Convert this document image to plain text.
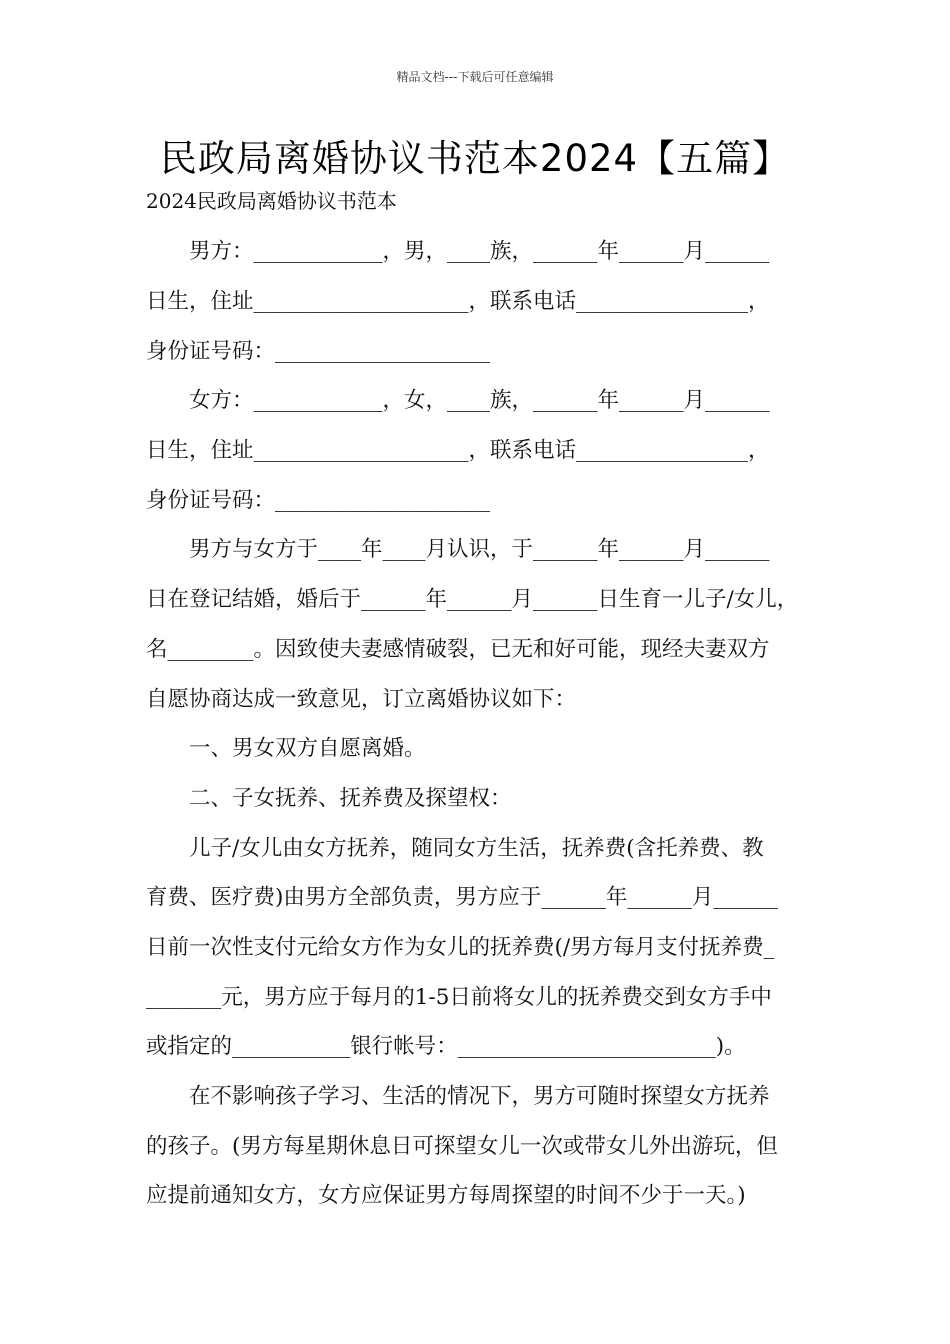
精品文档---下载后可任意编辑
民政局离婚协议书范本2024【五篇】
2024民政局离婚协议书范本
　　男方：____________，男，____族，______年______月______
日生，住址____________________，联系电话________________，
身份证号码：____________________
　　女方：____________，女，____族，______年______月______
日生，住址____________________，联系电话________________，
身份证号码：____________________
　　男方与女方于____年____月认识，于______年______月______
日在登记结婚，婚后于______年______月______日生育一儿子/女儿，
名________。因致使夫妻感情破裂，已无和好可能，现经夫妻双方
自愿协商达成一致意见，订立离婚协议如下：
　　一、男女双方自愿离婚。
　　二、子女抚养、抚养费及探望权：
　　儿子/女儿由女方抚养，随同女方生活，抚养费(含托养费、教
育费、医疗费)由男方全部负责，男方应于______年______月______
日前一次性支付元给女方作为女儿的抚养费(/男方每月支付抚养费_
_______元，男方应于每月的1-5日前将女儿的抚养费交到女方手中
或指定的___________银行帐号：________________________)。
　　在不影响孩子学习、生活的情况下，男方可随时探望女方抚养
的孩子。(男方每星期休息日可探望女儿一次或带女儿外出游玩，但
应提前通知女方，女方应保证男方每周探望的时间不少于一天。)
